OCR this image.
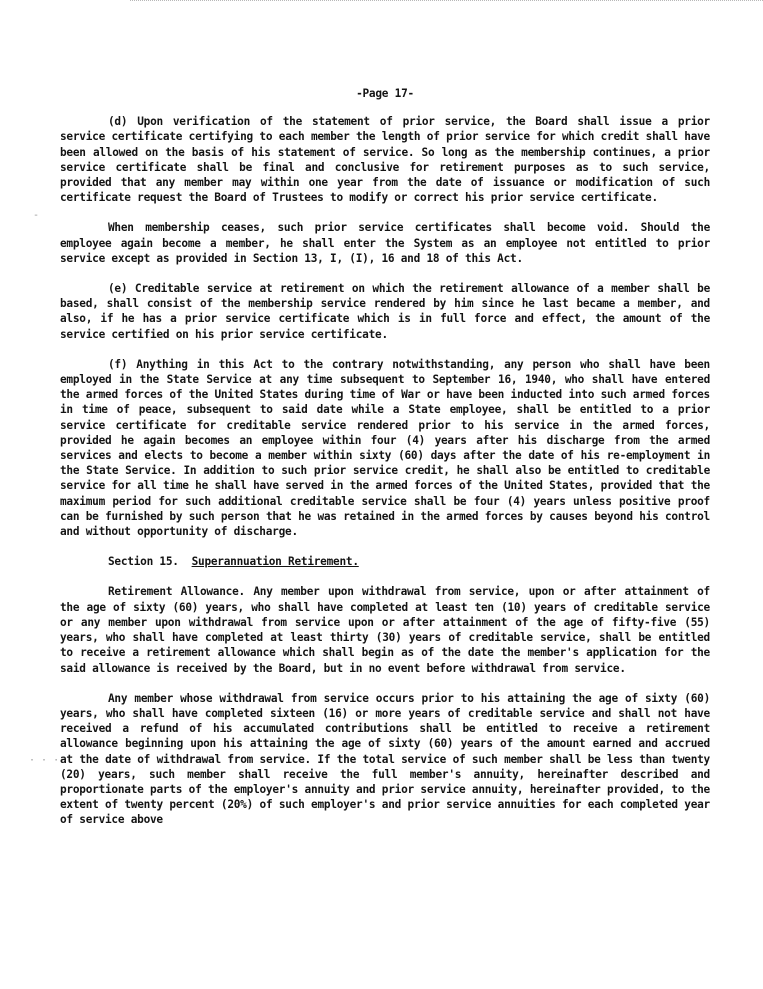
-
· · ·
-Page 17-

(d) Upon verification of the statement of prior service, the Board shall issue a prior service certificate certifying to each member the length of prior service for which credit shall have been allowed on the basis of his statement of service. So long as the membership continues, a prior service certificate shall be final and conclusive for retirement purposes as to such service, provided that any member may within one year from the date of issuance or modification of such certificate request the Board of Trustees to modify or correct his prior service certificate.

When membership ceases, such prior service certificates shall become void. Should the employee again become a member, he shall enter the System as an employee not entitled to prior service except as provided in Section 13, I, (I), 16 and 18 of this Act.

(e) Creditable service at retirement on which the retirement allowance of a member shall be based, shall consist of the membership service rendered by him since he last became a member, and also, if he has a prior service certificate which is in full force and effect, the amount of the service certified on his prior service certificate.

(f) Anything in this Act to the contrary notwithstanding, any person who shall have been employed in the State Service at any time subsequent to September 16, 1940, who shall have entered the armed forces of the United States during time of War or have been inducted into such armed forces in time of peace, subsequent to said date while a State employee, shall be entitled to a prior service certificate for creditable service rendered prior to his service in the armed forces, provided he again becomes an employee within four (4) years after his discharge from the armed services and elects to become a member within sixty (60) days after the date of his re-employment in the State Service. In addition to such prior service credit, he shall also be entitled to creditable service for all time he shall have served in the armed forces of the United States, provided that the maximum period for such additional creditable service shall be four (4) years unless positive proof can be furnished by such person that he was retained in the armed forces by causes beyond his control and without opportunity of discharge.

Section 15. Superannuation Retirement.

Retirement Allowance. Any member upon withdrawal from service, upon or after attainment of the age of sixty (60) years, who shall have completed at least ten (10) years of creditable service or any member upon withdrawal from service upon or after attainment of the age of fifty-five (55) years, who shall have completed at least thirty (30) years of creditable service, shall be entitled to receive a retirement allowance which shall begin as of the date the member's application for the said allowance is received by the Board, but in no event before withdrawal from service.

Any member whose withdrawal from service occurs prior to his attaining the age of sixty (60) years, who shall have completed sixteen (16) or more years of creditable service and shall not have received a refund of his accumulated contributions shall be entitled to receive a retirement allowance beginning upon his attaining the age of sixty (60) years of the amount earned and accrued at the date of withdrawal from service. If the total service of such member shall be less than twenty (20) years, such member shall receive the full member's annuity, hereinafter described and proportionate parts of the employer's annuity and prior service annuity, hereinafter provided, to the extent of twenty percent (20%) of such employer's and prior service annuities for each completed year of service above
